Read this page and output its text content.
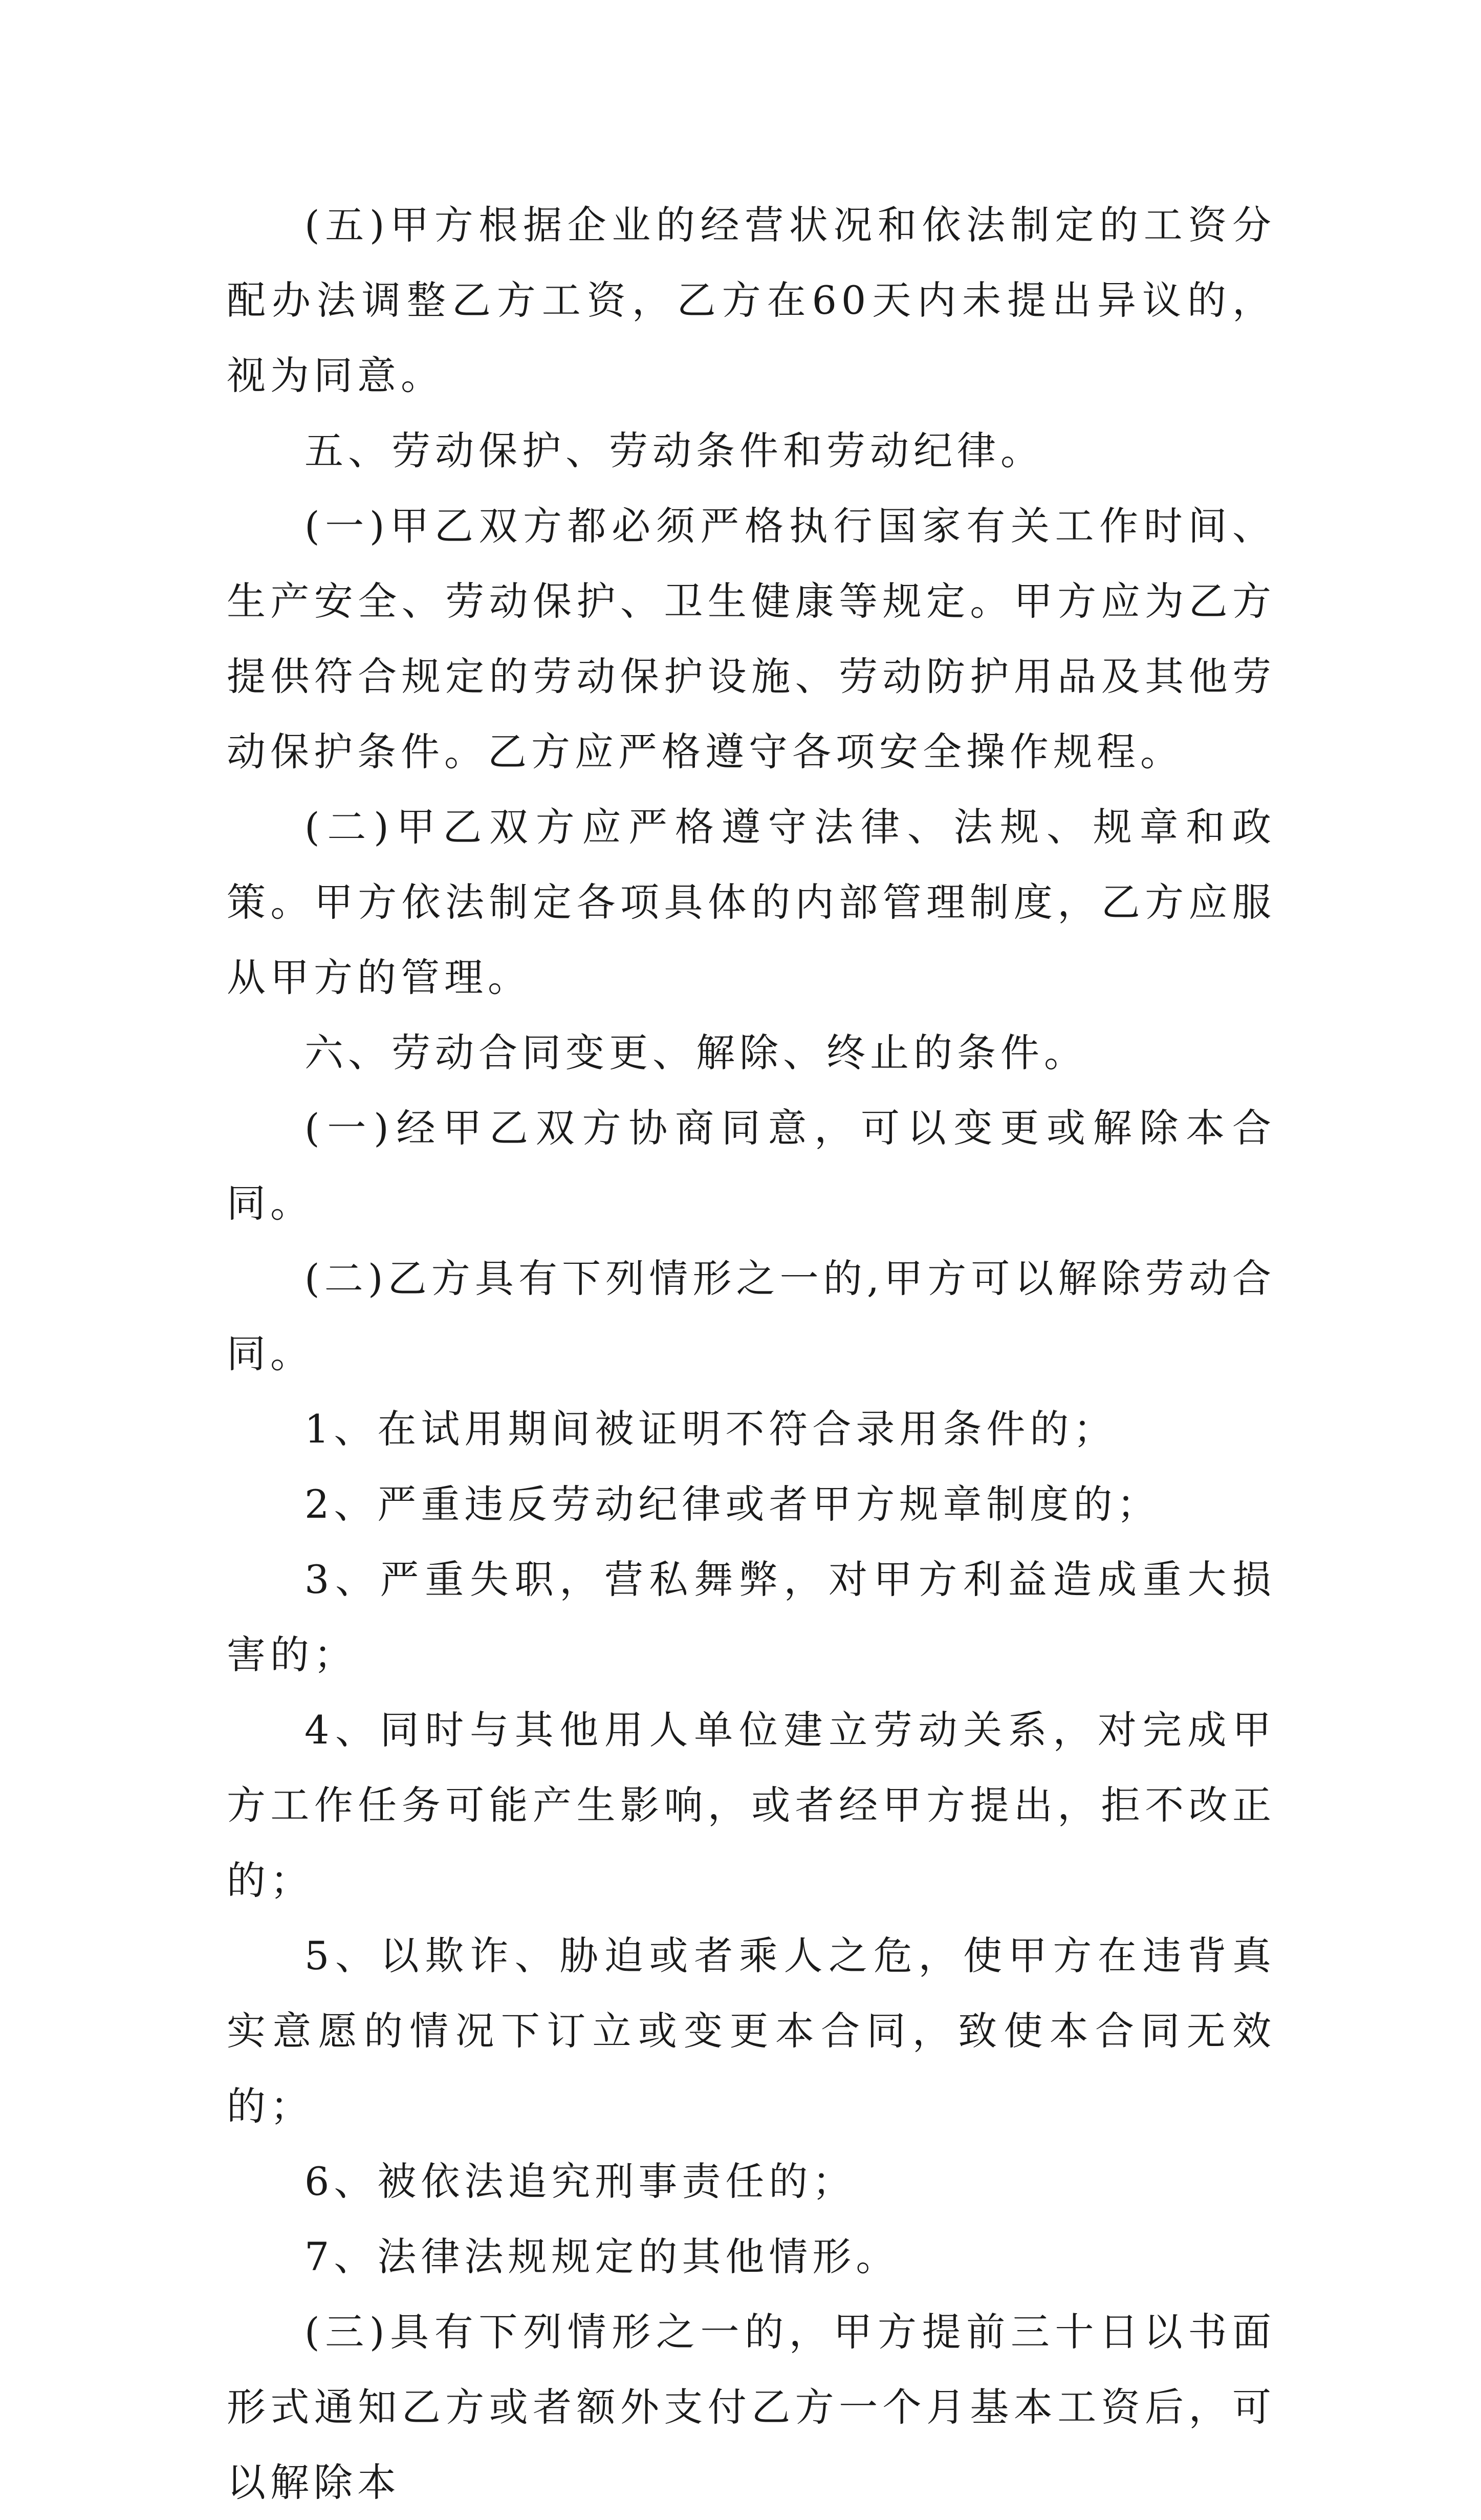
(五)甲方根据企业的经营状况和依法制定的工资分配办法调整乙方工资，乙方在60天内未提出异议的，视为同意。

五、劳动保护、劳动条件和劳动纪律。

(一)甲乙双方都必须严格执行国家有关工作时间、生产安全、劳动保护、卫生健康等规定。甲方应为乙方提供符合规定的劳动保护设施、劳动防护用品及其他劳动保护条件。乙方应严格遵守各项安全操作规程。

(二)甲乙双方应严格遵守法律、法规、规章和政策。甲方依法制定各项具体的内部管理制度，乙方应服从甲方的管理。

六、劳动合同变更、解除、终止的条件。

(一)经甲乙双方协商同意，可以变更或解除本合同。

(二)乙方具有下列情形之一的,甲方可以解除劳动合同。

1、在试用期间被证明不符合录用条件的；

2、严重违反劳动纪律或者甲方规章制度的；

3、严重失职，营私舞弊，对甲方利益造成重大损害的；

4、同时与其他用人单位建立劳动关系，对完成甲方工作任务可能产生影响，或者经甲方提出，拒不改正的；

5、以欺诈、胁迫或者乘人之危，使甲方在违背真实意愿的情况下订立或变更本合同，致使本合同无效的；

6、被依法追究刑事责任的；

7、法律法规规定的其他情形。

(三)具有下列情形之一的，甲方提前三十日以书面形式通知乙方或者额外支付乙方一个月基本工资后，可以解除本
